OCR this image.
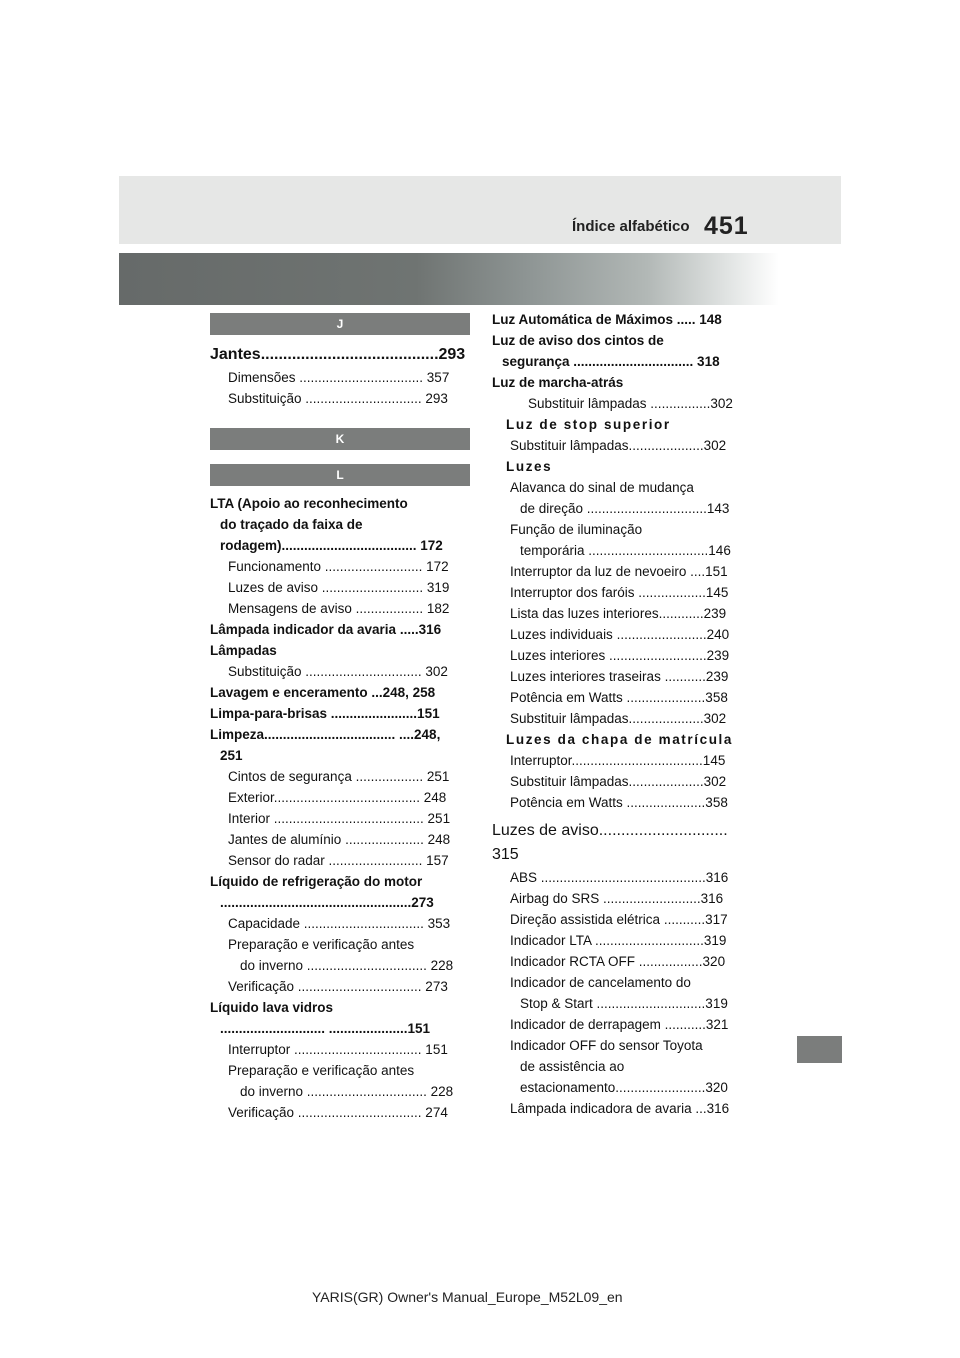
Índice alfabético 451
J
Jantes........................................293
Dimensões ................................. 357
Substituição ............................... 293
K
L
LTA (Apoio ao reconhecimento
do traçado da faixa de
rodagem).................................... 172
Funcionamento .......................... 172
Luzes de aviso ........................... 319
Mensagens de aviso .................. 182
Lâmpada indicador da avaria .....316
Lâmpadas
Substituição ............................... 302
Lavagem e enceramento ...248, 258
Limpa-para-brisas .......................151
Limpeza................................... ....248,
251
Cintos de segurança .................. 251
Exterior....................................... 248
Interior ........................................ 251
Jantes de alumínio ..................... 248
Sensor do radar ......................... 157
Líquido de refrigeração do motor
...................................................273
Capacidade ................................ 353
Preparação e verificação antes
do inverno ................................ 228
Verificação ................................. 273
Líquido lava vidros
............................ .....................151
Interruptor .................................. 151
Preparação e verificação antes
do inverno ................................ 228
Verificação ................................. 274
Luz Automática de Máximos ..... 148
Luz de aviso dos cintos de
segurança ................................ 318
Luz de marcha-atrás
Substituir lâmpadas ................302
Luz de stop superior
Substituir lâmpadas....................302
Luzes
Alavanca do sinal de mudança
de direção ................................143
Função de iluminação
temporária ................................146
Interruptor da luz de nevoeiro ....151
Interruptor dos faróis ..................145
Lista das luzes interiores............239
Luzes individuais ........................240
Luzes interiores ..........................239
Luzes interiores traseiras ...........239
Potência em Watts .....................358
Substituir lâmpadas....................302
Luzes da chapa de matrícula
Interruptor...................................145
Substituir lâmpadas....................302
Potência em Watts .....................358
Luzes de aviso.............................
315
ABS ............................................316
Airbag do SRS ..........................316
Direção assistida elétrica ...........317
Indicador LTA .............................319
Indicador RCTA OFF .................320
Indicador de cancelamento do
Stop & Start .............................319
Indicador de derrapagem ...........321
Indicador OFF do sensor Toyota
de assistência ao
estacionamento........................320
Lâmpada indicadora de avaria ...316
YARIS(GR) Owner's Manual_Europe_M52L09_en
